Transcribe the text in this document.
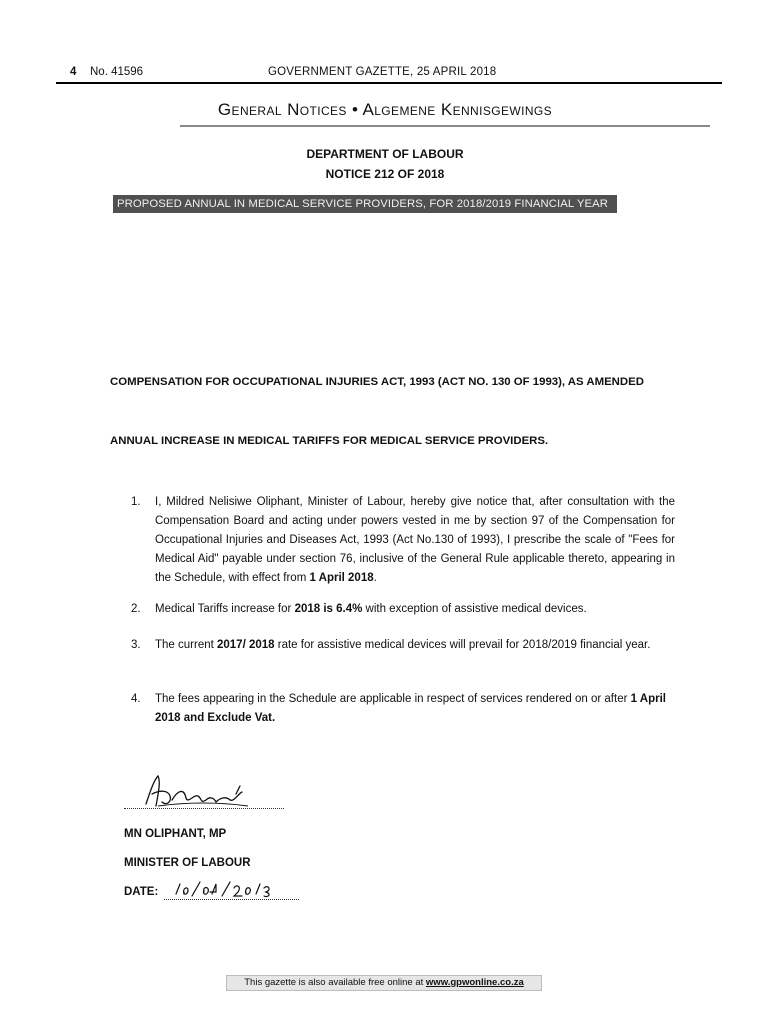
4 No. 41596	GOVERNMENT GAZETTE, 25 APRIL 2018
General Notices • Algemene Kennisgewings
DEPARTMENT OF LABOUR
NOTICE 212 OF 2018
PROPOSED ANNUAL IN MEDICAL SERVICE PROVIDERS, FOR 2018/2019 FINANCIAL YEAR
COMPENSATION FOR OCCUPATIONAL INJURIES ACT, 1993 (ACT NO. 130 OF 1993), AS AMENDED
ANNUAL INCREASE IN MEDICAL TARIFFS FOR MEDICAL SERVICE PROVIDERS.
1.	I, Mildred Nelisiwe Oliphant, Minister of Labour, hereby give notice that, after consultation with the Compensation Board and acting under powers vested in me by section 97 of the Compensation for Occupational Injuries and Diseases Act, 1993 (Act No.130 of 1993), I prescribe the scale of "Fees for Medical Aid" payable under section 76, inclusive of the General Rule applicable thereto, appearing in the Schedule, with effect from 1 April 2018.
2.	Medical Tariffs increase for 2018 is 6.4% with exception of assistive medical devices.
3.	The current 2017/ 2018 rate for assistive medical devices will prevail for 2018/2019 financial year.
4.	The fees appearing in the Schedule are applicable in respect of services rendered on or after 1 April 2018 and Exclude Vat.
MN OLIPHANT, MP
MINISTER OF LABOUR
DATE:
This gazette is also available free online at www.gpwonline.co.za
